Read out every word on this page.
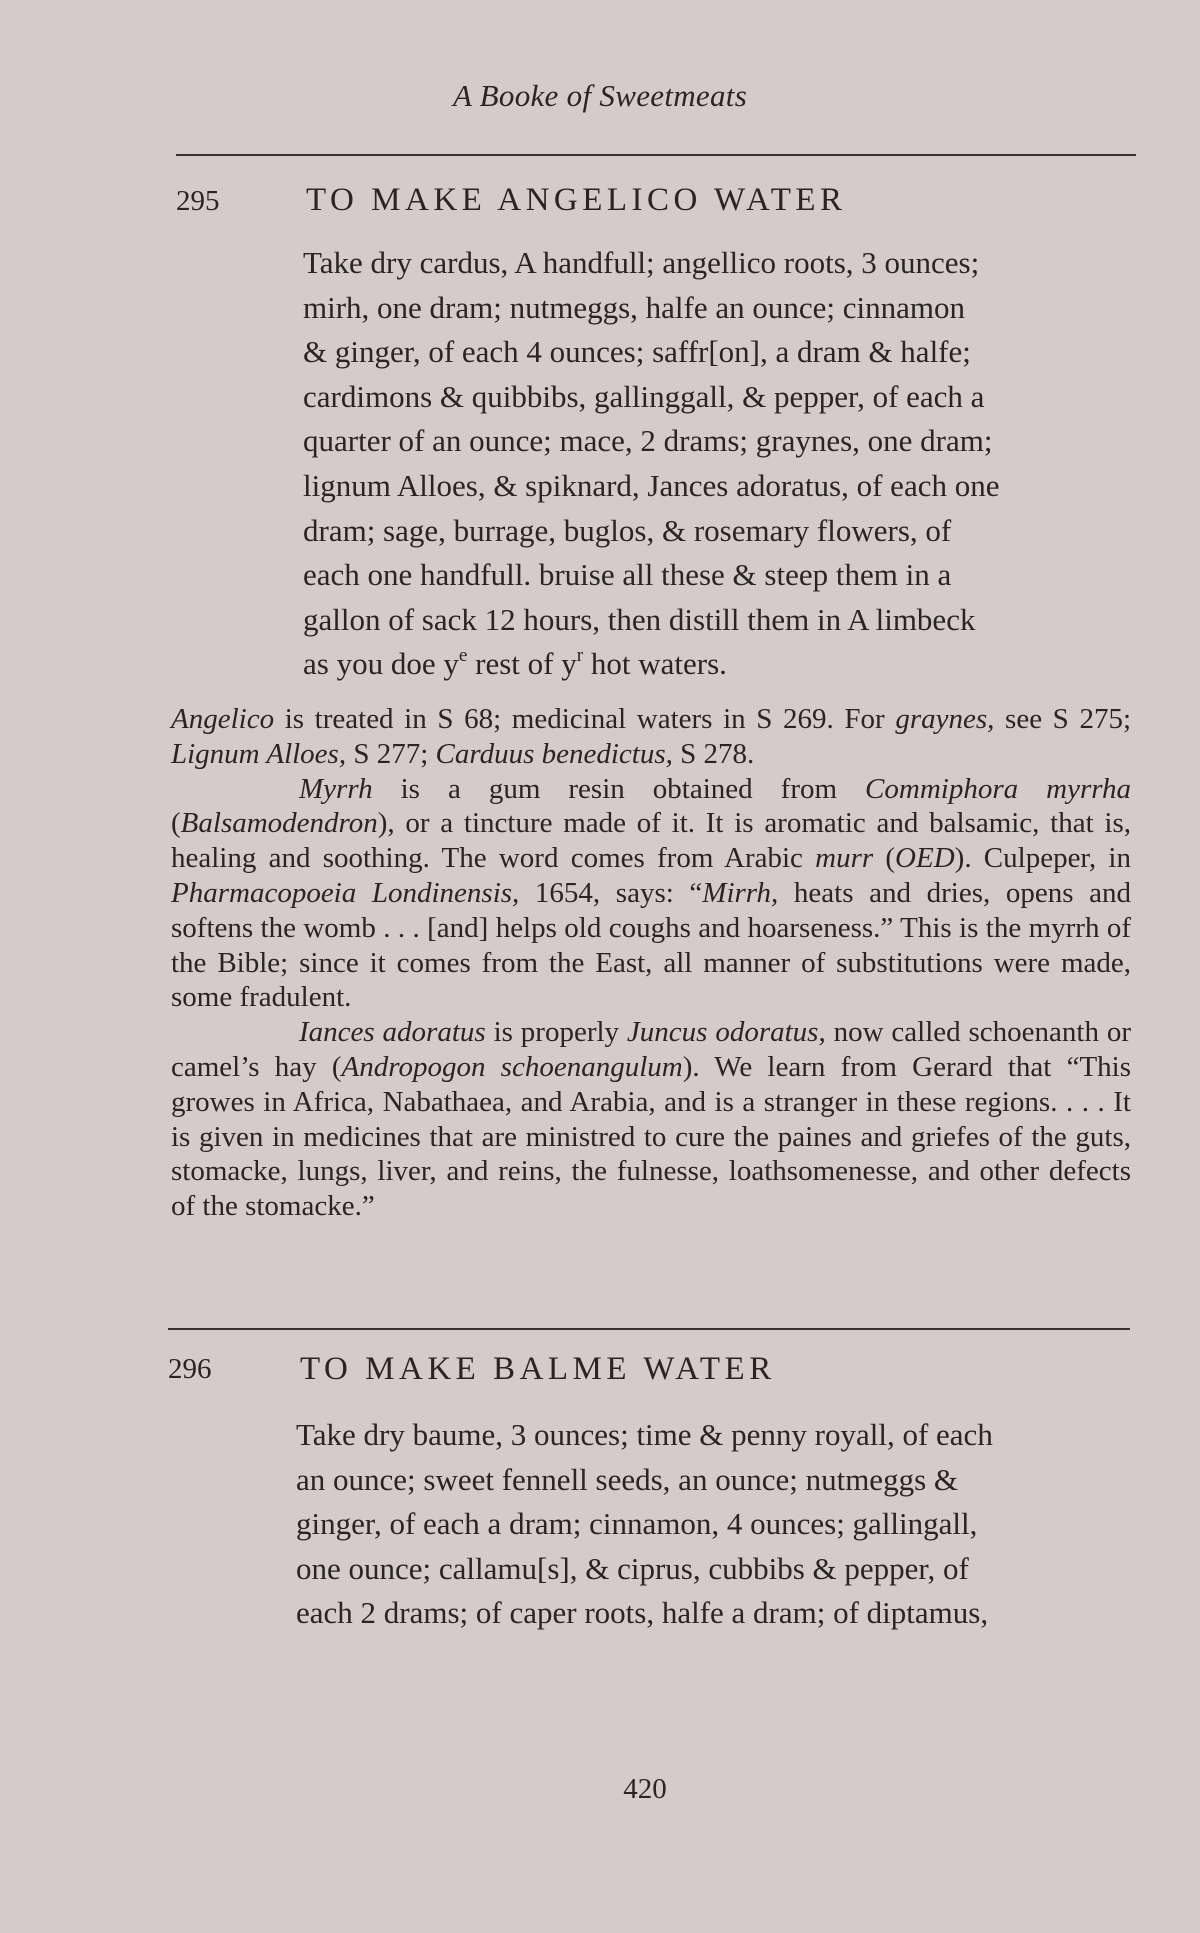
A Booke of Sweetmeats
295	TO MAKE ANGELICO WATER
Take dry cardus, A handfull; angellico roots, 3 ounces;
mirh, one dram; nutmeggs, halfe an ounce; cinnamon
& ginger, of each 4 ounces; saffr[on], a dram & halfe;
cardimons & quibbibs, gallinggall, & pepper, of each a
quarter of an ounce; mace, 2 drams; graynes, one dram;
lignum Alloes, & spiknard, Jances adoratus, of each one
dram; sage, burrage, buglos, & rosemary flowers, of
each one handfull. bruise all these & steep them in a
gallon of sack 12 hours, then distill them in A limbeck
as you doe $y^e$ rest of $y^r$ hot waters.

Angelico is treated in S 68; medicinal waters in S 269. For graynes, see S 275; Lignum Alloes, S 277; Carduus benedictus, S 278.

Myrrh is a gum resin obtained from Commiphora myrrha (Balsamodendron), or a tincture made of it. It is aromatic and balsamic, that is, healing and soothing. The word comes from Arabic murr (OED). Culpeper, in Pharmacopoeia Londinensis, 1654, says: “Mirrh, heats and dries, opens and softens the womb . . . [and] helps old coughs and hoarseness.” This is the myrrh of the Bible; since it comes from the East, all manner of substitutions were made, some fradulent.

Iances adoratus is properly Juncus odoratus, now called schoenanth or camel’s hay (Andropogon schoenangulum). We learn from Gerard that “This growes in Africa, Nabathaea, and Arabia, and is a stranger in these regions. . . . It is given in medicines that are ministred to cure the paines and griefes of the guts, stomacke, lungs, liver, and reins, the fulnesse, loathsomenesse, and other defects of the stomacke.”

296	TO MAKE BALME WATER
Take dry baume, 3 ounces; time & penny royall, of each
an ounce; sweet fennell seeds, an ounce; nutmeggs &
ginger, of each a dram; cinnamon, 4 ounces; gallingall,
one ounce; callamu[s], & ciprus, cubbibs & pepper, of
each 2 drams; of caper roots, halfe a dram; of diptamus,
420
